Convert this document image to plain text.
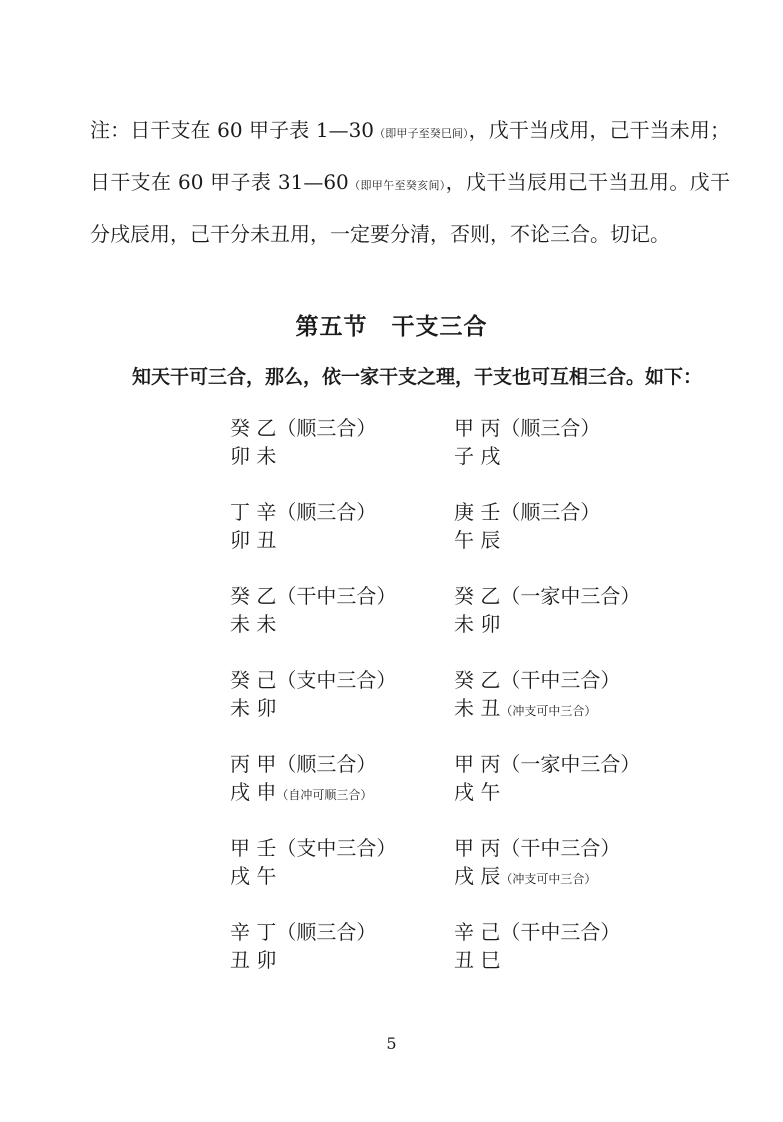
注：日干支在 60 甲子表 1—30（即甲子至癸巳间），戊干当戌用，己干当未用；日干支在 60 甲子表 31—60（即甲午至癸亥间），戊干当辰用己干当丑用。戊干分戌辰用，己干分未丑用，一定要分清，否则，不论三合。切记。
第五节　干支三合
知天干可三合，那么，依一家干支之理，干支也可互相三合。如下：
癸 乙（顺三合）
卯 未
甲 丙（顺三合）
子 戌
丁 辛（顺三合）
卯 丑
庚 壬（顺三合）
午 辰
癸 乙（干中三合）
未 未
癸 乙（一家中三合）
未 卯
癸 己（支中三合）
未 卯
癸 乙（干中三合）
未 丑（冲支可中三合）
丙 甲（顺三合）
戌 申（自冲可顺三合）
甲 丙（一家中三合）
戌 午
甲 壬（支中三合）
戌 午
甲 丙（干中三合）
戌 辰（冲支可中三合）
辛 丁（顺三合）
丑 卯
辛 己（干中三合）
丑 巳
5
